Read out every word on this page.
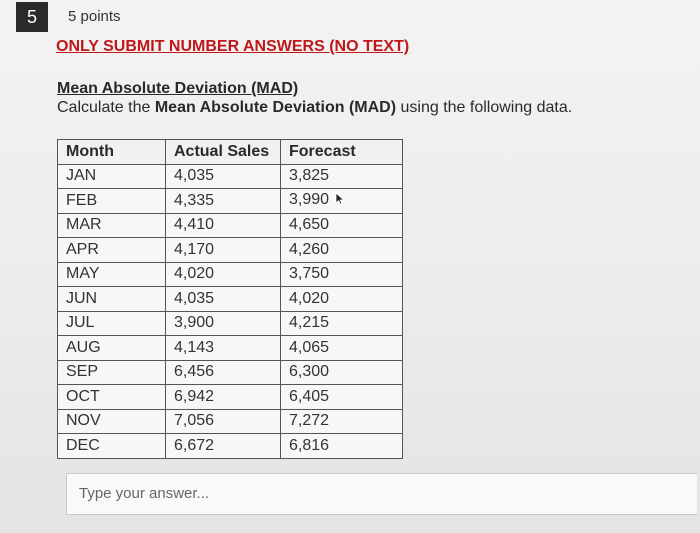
5 5 points
ONLY SUBMIT NUMBER ANSWERS (NO TEXT)
Mean Absolute Deviation (MAD)
Calculate the Mean Absolute Deviation (MAD) using the following data.
Month	Actual Sales	Forecast
JAN	4,035	3,825
FEB	4,335	3,990
MAR	4,410	4,650
APR	4,170	4,260
MAY	4,020	3,750
JUN	4,035	4,020
JUL	3,900	4,215
AUG	4,143	4,065
SEP	6,456	6,300
OCT	6,942	6,405
NOV	7,056	7,272
DEC	6,672	6,816
Type your answer...
